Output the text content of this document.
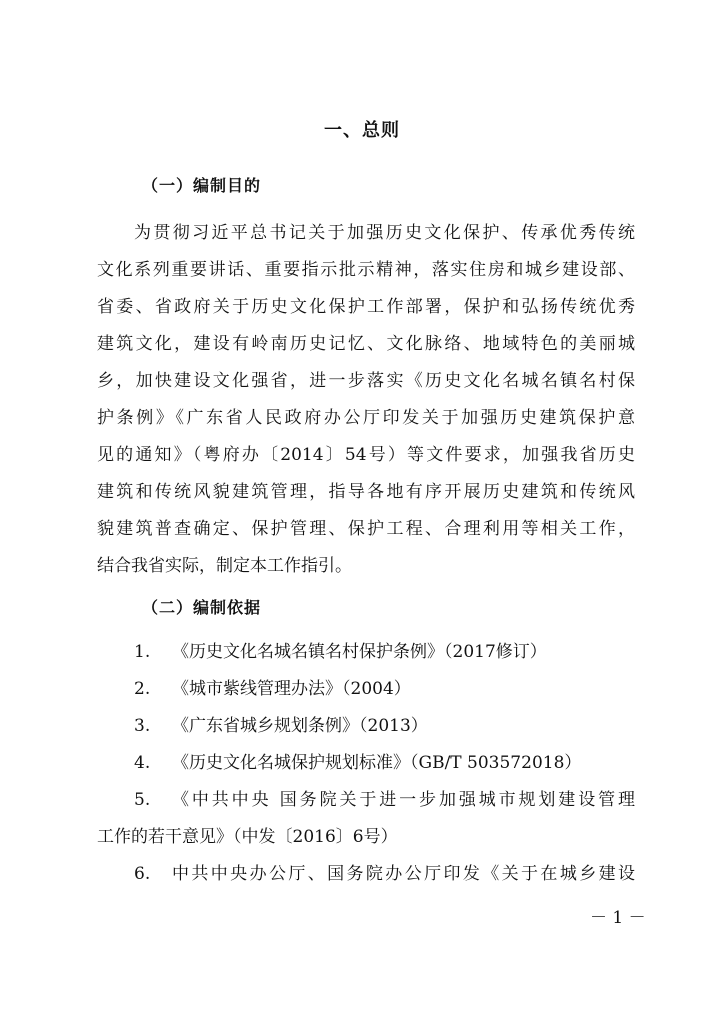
一、总则
（一）编制目的
为贯彻习近平总书记关于加强历史文化保护、传承优秀传统
文化系列重要讲话、重要指示批示精神，落实住房和城乡建设部、
省委、省政府关于历史文化保护工作部署，保护和弘扬传统优秀
建筑文化，建设有岭南历史记忆、文化脉络、地域特色的美丽城
乡，加快建设文化强省，进一步落实《历史文化名城名镇名村保
护条例》《广东省人民政府办公厅印发关于加强历史建筑保护意
见的通知》（粤府办〔2014〕54号）等文件要求，加强我省历史
建筑和传统风貌建筑管理，指导各地有序开展历史建筑和传统风
貌建筑普查确定、保护管理、保护工程、合理利用等相关工作，
结合我省实际，制定本工作指引。
（二）编制依据
1. 《历史文化名城名镇名村保护条例》（2017修订）
2. 《城市紫线管理办法》（2004）
3. 《广东省城乡规划条例》（2013）
4. 《历史文化名城保护规划标准》（GB/T 503572018）
5. 《中共中央 国务院关于进一步加强城市规划建设管理
工作的若干意见》（中发〔2016〕6号）
6. 中共中央办公厅、国务院办公厅印发《关于在城乡建设
－ 1 －
